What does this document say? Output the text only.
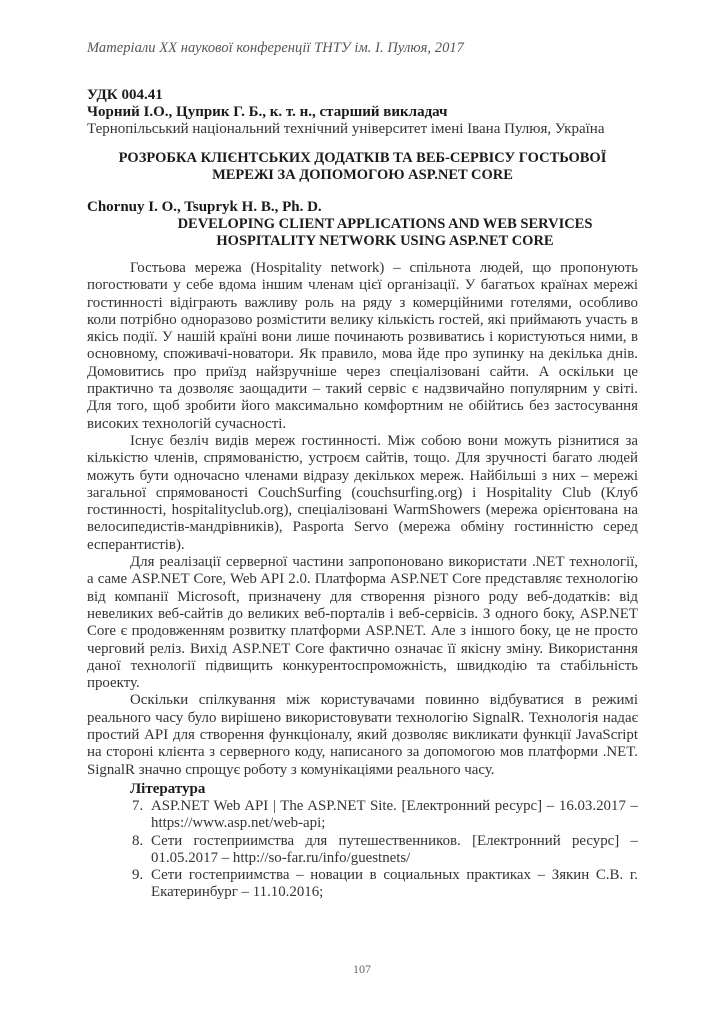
Матеріали XX наукової конференції ТНТУ ім. І. Пулюя, 2017
УДК 004.41
Чорний І.О., Цуприк Г. Б., к. т. н., старший викладач
Тернопільський національний технічний університет імені Івана Пулюя, Україна
РОЗРОБКА КЛІЄНТСЬКИХ ДОДАТКІВ ТА ВЕБ-СЕРВІСУ ГОСТЬОВОЇ
МЕРЕЖІ ЗА ДОПОМОГОЮ ASP.NET CORE
Chornuy I. O., Tsupryk H. B., Ph. D.
DEVELOPING CLIENT APPLICATIONS AND WEB SERVICES
HOSPITALITY NETWORK USING ASP.NET CORE

Гостьова мережа (Hospitality network) – спільнота людей, що пропонують погостювати у себе вдома іншим членам цієї організації. У багатьох країнах мережі гостинності відіграють важливу роль на ряду з комерційними готелями, особливо коли потрібно одноразово розмістити велику кількість гостей, які приймають участь в якісь події. У нашій країні вони лише починають розвиватись і користуються ними, в основному, споживачі-новатори. Як правило, мова йде про зупинку на декілька днів. Домовитись про приїзд найзручніше через спеціалізовані сайти. А оскільки це практично та дозволяє заощадити – такий сервіс є надзвичайно популярним у світі. Для того, щоб зробити його максимально комфортним не обійтись без застосування високих технологій сучасності.

Існує безліч видів мереж гостинності. Між собою вони можуть різнитися за кількістю членів, спрямованістю, устроєм сайтів, тощо. Для зручності багато людей можуть бути одночасно членами відразу декількох мереж. Найбільші з них – мережі загальної спрямованості CouchSurfing (couchsurfing.org) і Hospitality Club (Клуб гостинності, hospitalityclub.org), спеціалізовані WarmShowers (мережа орієнтована на велосипедистів-мандрівників), Pasporta Servo (мережа обміну гостинністю серед есперантистів).

Для реалізації серверної частини запропоновано використати .NET технології, а саме ASP.NET Core, Web API 2.0. Платформа ASP.NET Core представляє технологію від компанії Microsoft, призначену для створення різного роду веб-додатків: від невеликих веб-сайтів до великих веб-порталів і веб-сервісів. З одного боку, ASP.NET Core є продовженням розвитку платформи ASP.NET. Але з іншого боку, це не просто черговий реліз. Вихід ASP.NET Core фактично означає її якісну зміну. Використання даної технології підвищить конкурентоспроможність, швидкодію та стабільність проекту.

Оскільки спілкування між користувачами повинно відбуватися в режимі реального часу було вирішено використовувати технологію SignalR. Технологія надає простий API для створення функціоналу, який дозволяє викликати функції JavaScript на стороні клієнта з серверного коду, написаного за допомогою мов платформи .NET. SignalR значно спрощує роботу з комунікаціями реального часу.

Література
7. ASP.NET Web API | The ASP.NET Site. [Електронний ресурс] – 16.03.2017 – https://www.asp.net/web-api;
8. Сети гостеприимства для путешественников. [Електронний ресурс] – 01.05.2017 – http://so-far.ru/info/guestnets/
9. Сети гостеприимства – новации в социальных практиках – Зякин С.В. г. Екатеринбург – 11.10.2016;
107
